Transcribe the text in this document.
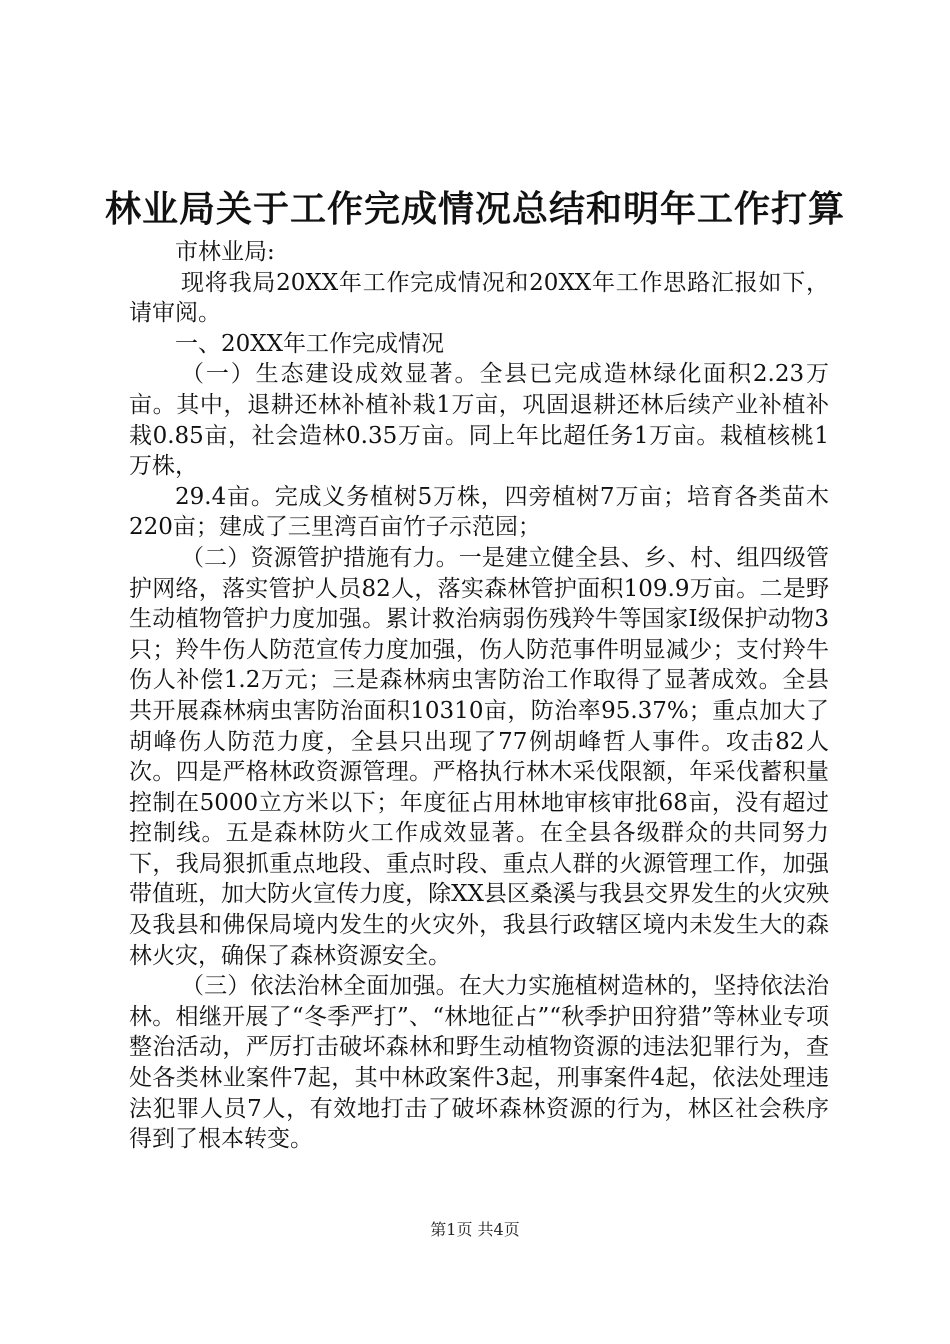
林业局关于工作完成情况总结和明年工作打算

市林业局:

现将我局20XX年工作完成情况和20XX年工作思路汇报如下，请审阅。

一、20XX年工作完成情况

（一）生态建设成效显著。全县已完成造林绿化面积2.23万亩。其中，退耕还林补植补栽1万亩，巩固退耕还林后续产业补植补栽0.85亩，社会造林0.35万亩。同上年比超任务1万亩。栽植核桃1万株，

29.4亩。完成义务植树5万株，四旁植树7万亩；培育各类苗木220亩；建成了三里湾百亩竹子示范园；

（二）资源管护措施有力。一是建立健全县、乡、村、组四级管护网络，落实管护人员82人，落实森林管护面积109.9万亩。二是野生动植物管护力度加强。累计救治病弱伤残羚牛等国家Ⅰ级保护动物3只；羚牛伤人防范宣传力度加强，伤人防范事件明显减少；支付羚牛伤人补偿1.2万元；三是森林病虫害防治工作取得了显著成效。全县共开展森林病虫害防治面积10310亩，防治率95.37%；重点加大了胡峰伤人防范力度，全县只出现了77例胡峰哲人事件。攻击82人次。四是严格林政资源管理。严格执行林木采伐限额，年采伐蓄积量控制在5000立方米以下；年度征占用林地审核审批68亩，没有超过控制线。五是森林防火工作成效显著。在全县各级群众的共同努力下，我局狠抓重点地段、重点时段、重点人群的火源管理工作，加强带值班，加大防火宣传力度，除XX县区桑溪与我县交界发生的火灾殃及我县和佛保局境内发生的火灾外，我县行政辖区境内未发生大的森林火灾，确保了森林资源安全。

（三）依法治林全面加强。在大力实施植树造林的，坚持依法治林。相继开展了“冬季严打”、“林地征占”“秋季护田狩猎”等林业专项整治活动，严厉打击破坏森林和野生动植物资源的违法犯罪行为，查处各类林业案件7起，其中林政案件3起，刑事案件4起，依法处理违法犯罪人员7人，有效地打击了破坏森林资源的行为，林区社会秩序得到了根本转变。

第1页 共4页
